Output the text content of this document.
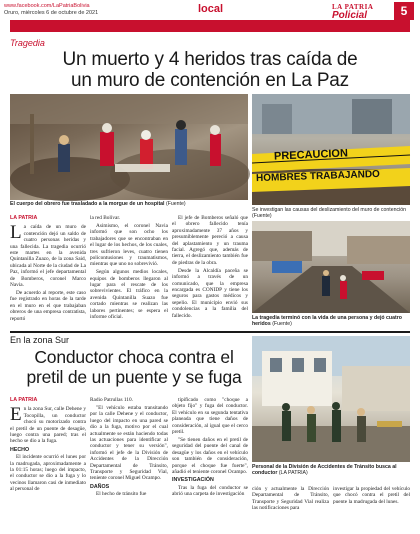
www.facebook.com/LaPatriaBolivia
Oruro, miércoles 6 de octubre de 2021	local	LA PATRIA
Policial	5
Tragedia
Un muerto y 4 heridos tras caída de
un muro de contención en La Paz
El cuerpo del obrero fue trasladado a la morgue de un hospital (Fuente)
PRECAUCION
HOMBRES TRABAJANDO
Se investigan las causas del deslizamiento del muro de contención (Fuente)
LA PATRIA
L a caída de un muro de contención dejó un saldo de cuatro personas heridas y una fallecida. La tragedia ocurrió este martes en la avenida Quintanilla Zuazo, de la zona Said, ubicada al Norte de la ciudad de La Paz, informó el jefe departamental de Bomberos, coronel Marco Navia.

De acuerdo al reporte, este caso fue registrado en horas de la tarde en el muro en el que trabajaban obreros de una empresa contratista, reportó

la red Bolívar.

Asimismo, el coronel Navia informó que son ocho los trabajadores que se encontraban en el lugar de los hechos, de los cuales, tres sufrieron leves, cuatro tienen policontusiones y traumatismos, mientras que uno no sobrevivió.

Según algunos medios locales, equipos de bomberos llegaron al lugar para el rescate de los sobrevivientes. El tráfico en la avenida Quintanilla Suazo fue cortado mientras se realizan las labores pertinentes; se espera el informe oficial.

El jefe de Bomberos señaló que el obrero fallecido tenía aproximadamente 37 años y presumiblemente pereció a causa del aplastamiento y un trauma facial. Agregó que, además de tierra, el deslizamiento también fue de piedras de la obra.

Desde la Alcaldía paceña se informó a través de un comunicado, que la empresa encargada es CONIDP y tiene los seguros para gastos médicos y sepelio. El municipio envió sus condolencias a la familia del fallecido.	La tragedia terminó con la vida de una persona y dejó cuatro heridos (Fuente)
En la zona Sur
Conductor choca contra el
pretil de un puente y se fuga
LA PATRIA
E n la zona Sur, calle Dehene y Tocopilla, un conductor chocó su motorizado contra el pretil de un puente de desagüe, luego contra una pared; tras el hecho se dio a la fuga.

HECHO

El incidente ocurrió el lunes por la madrugada, aproximadamente a la 01:15 horas; luego del impacto, el conductor se dio a la fuga y lo vecinos llamaron casi de inmediato al personal de

Radio Patrullas 110.

"El vehículo estaba transitando por la calle Dehene y el conductor, luego del impacto en una pared se dio a la fuga, motivo por el cual actualmente se están haciendo todas las actuaciones para identificar al conductor y tener su versión", informó el jefe de la División de Accidentes de la Dirección Departamental de Tránsito, Transporte y Seguridad Vial, teniente coronel Miguel Ocampo.

DAÑOS

El hecho de tránsito fue

tipificado como "choque a objeto fijo" y fuga del conductor. El vehículo en su segunda tentativa planeada que tiene daños de consideración, al igual que el cerco pretil.

"Se tienen daños en el pretil de seguridad del puente del canal de desagüe y los daños en el vehículo son también de consideración, porque el choque fue fuerte", añadió el teniente coronel Ocampo.

INVESTIGACIÓN

Tras la fuga del conductor se abrió una carpeta de investigación

Personal de la División de Accidentes de Tránsito busca al conductor (LA PATRIA)

ción y actualmente la Dirección Departamental de Tránsito, Transporte y Seguridad Vial realiza las notificaciones para

investigar la propiedad del vehículo que chocó contra el pretil del puente la madrugada del lunes.
